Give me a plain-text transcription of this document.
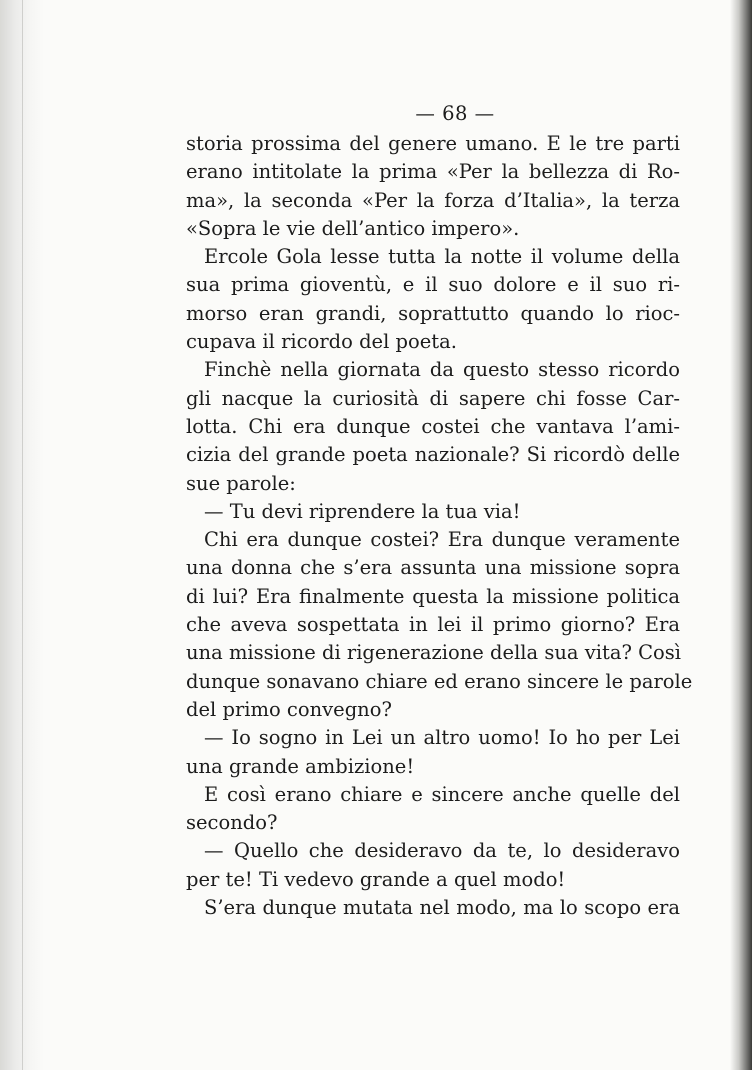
— 68 —
storia prossima del genere umano. E le tre parti
erano intitolate la prima «Per la bellezza di Ro-
ma», la seconda «Per la forza d’Italia», la terza
«Sopra le vie dell’antico impero».
Ercole Gola lesse tutta la notte il volume della
sua prima gioventù, e il suo dolore e il suo ri-
morso eran grandi, soprattutto quando lo rioc-
cupava il ricordo del poeta.
Finchè nella giornata da questo stesso ricordo
gli nacque la curiosità di sapere chi fosse Car-
lotta. Chi era dunque costei che vantava l’ami-
cizia del grande poeta nazionale? Si ricordò delle
sue parole:
— Tu devi riprendere la tua via!
Chi era dunque costei? Era dunque veramente
una donna che s’era assunta una missione sopra
di lui? Era finalmente questa la missione politica
che aveva sospettata in lei il primo giorno? Era
una missione di rigenerazione della sua vita? Così
dunque sonavano chiare ed erano sincere le parole
del primo convegno?
— Io sogno in Lei un altro uomo! Io ho per Lei
una grande ambizione!
E così erano chiare e sincere anche quelle del
secondo?
— Quello che desideravo da te, lo desideravo
per te! Ti vedevo grande a quel modo!
S’era dunque mutata nel modo, ma lo scopo era
